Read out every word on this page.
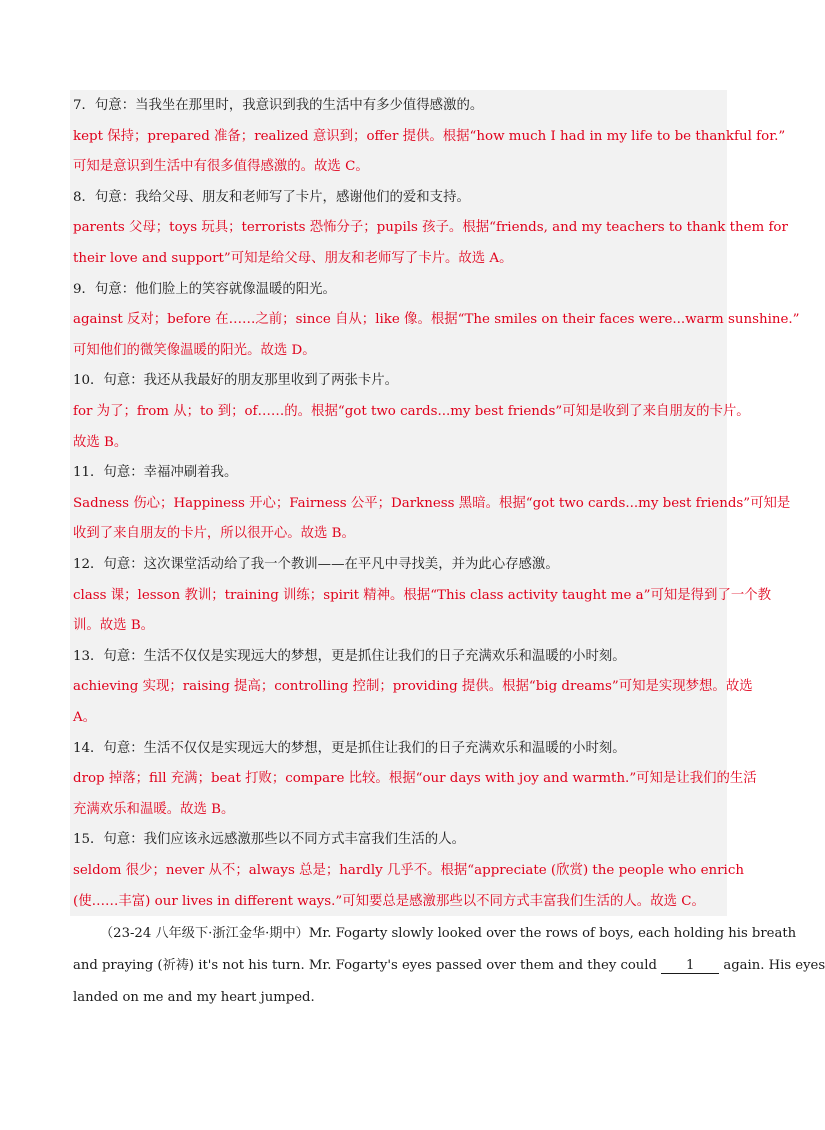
7．句意：当我坐在那里时，我意识到我的生活中有多少值得感激的。
kept 保持；prepared 准备；realized 意识到；offer 提供。根据“how much I had in my life to be thankful for.”
可知是意识到生活中有很多值得感激的。故选 C。
8．句意：我给父母、朋友和老师写了卡片，感谢他们的爱和支持。
parents 父母；toys 玩具；terrorists 恐怖分子；pupils 孩子。根据“friends, and my teachers to thank them for
their love and support”可知是给父母、朋友和老师写了卡片。故选 A。
9．句意：他们脸上的笑容就像温暖的阳光。
against 反对；before 在……之前；since 自从；like 像。根据“The smiles on their faces were...warm sunshine.”
可知他们的微笑像温暖的阳光。故选 D。
10．句意：我还从我最好的朋友那里收到了两张卡片。
for 为了；from 从；to 到；of……的。根据“got two cards...my best friends”可知是收到了来自朋友的卡片。
故选 B。
11．句意：幸福冲刷着我。
Sadness 伤心；Happiness 开心；Fairness 公平；Darkness 黑暗。根据“got two cards...my best friends”可知是
收到了来自朋友的卡片，所以很开心。故选 B。
12．句意：这次课堂活动给了我一个教训——在平凡中寻找美，并为此心存感激。
class 课；lesson 教训；training 训练；spirit 精神。根据“This class activity taught me a”可知是得到了一个教
训。故选 B。
13．句意：生活不仅仅是实现远大的梦想，更是抓住让我们的日子充满欢乐和温暖的小时刻。
achieving 实现；raising 提高；controlling 控制；providing 提供。根据“big dreams”可知是实现梦想。故选
A。
14．句意：生活不仅仅是实现远大的梦想，更是抓住让我们的日子充满欢乐和温暖的小时刻。
drop 掉落；fill 充满；beat 打败；compare 比较。根据“our days with joy and warmth.”可知是让我们的生活
充满欢乐和温暖。故选 B。
15．句意：我们应该永远感激那些以不同方式丰富我们生活的人。
seldom 很少；never 从不；always 总是；hardly 几乎不。根据“appreciate (欣赏) the people who enrich
(使……丰富) our lives in different ways.”可知要总是感激那些以不同方式丰富我们生活的人。故选 C。
（23-24 八年级下·浙江金华·期中）Mr. Fogarty slowly looked over the rows of boys, each holding his breath
and praying (祈祷) it's not his turn. Mr. Fogarty's eyes passed over them and they could 1 again. His eyes
landed on me and my heart jumped.
